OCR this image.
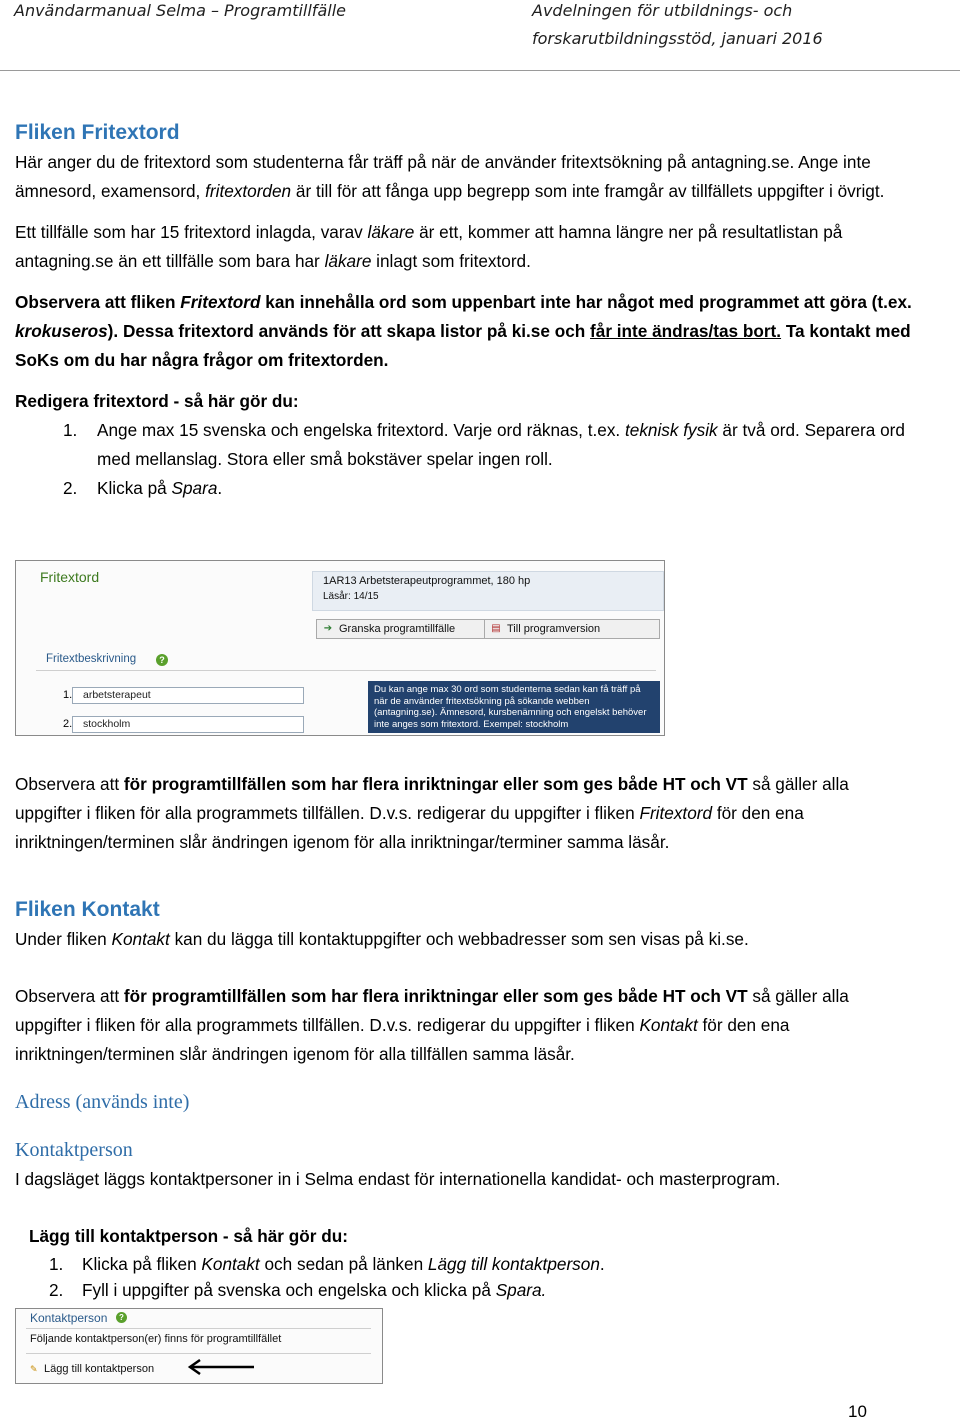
Användarmanual Selma – Programtillfälle	Avdelningen för utbildnings- och
forskarutbildningsstöd, januari 2016
Fliken Fritextord

Här anger du de fritextord som studenterna får träff på när de använder fritextsökning på antagning.se. Ange inte ämnesord, examensord, fritextorden är till för att fånga upp begrepp som inte framgår av tillfällets uppgifter i övrigt.

Ett tillfälle som har 15 fritextord inlagda, varav läkare är ett, kommer att hamna längre ner på resultatlistan på antagning.se än ett tillfälle som bara har läkare inlagt som fritextord.

Observera att fliken Fritextord kan innehålla ord som uppenbart inte har något med programmet att göra (t.ex. krokuseros). Dessa fritextord används för att skapa listor på ki.se och får inte ändras/tas bort. Ta kontakt med SoKs om du har några frågor om fritextorden.

Redigera fritextord - så här gör du:

1. Ange max 15 svenska och engelska fritextord. Varje ord räknas, t.ex. teknisk fysik är två ord. Separera ord med mellanslag. Stora eller små bokstäver spelar ingen roll.
2. Klicka på Spara.
Fritextord	1AR13 Arbetsterapeutprogrammet, 180 hp
Läsår: 14/15
➔ Granska programtillfälle	▤ Till programversion
Fritextbeskrivning	?
1.	arbetsterapeut
2.	stockholm
Du kan ange max 30 ord som studenterna sedan kan få träff på när de använder fritextsökning på sökande webben (antagning.se). Ämnesord, kursbenämning och engelskt behöver inte anges som fritextord. Exempel: stockholm

Observera att för programtillfällen som har flera inriktningar eller som ges både HT och VT så gäller alla uppgifter i fliken för alla programmets tillfällen. D.v.s. redigerar du uppgifter i fliken Fritextord för den ena inriktningen/terminen slår ändringen igenom för alla inriktningar/terminer samma läsår.

Fliken Kontakt

Under fliken Kontakt kan du lägga till kontaktuppgifter och webbadresser som sen visas på ki.se.

Observera att för programtillfällen som har flera inriktningar eller som ges både HT och VT så gäller alla uppgifter i fliken för alla programmets tillfällen. D.v.s. redigerar du uppgifter i fliken Kontakt för den ena inriktningen/terminen slår ändringen igenom för alla tillfällen samma läsår.

Adress (används inte)
Kontaktperson

I dagsläget läggs kontaktpersoner in i Selma endast för internationella kandidat- och masterprogram.

Lägg till kontaktperson - så här gör du:

1. Klicka på fliken Kontakt och sedan på länken Lägg till kontaktperson.
2. Fyll i uppgifter på svenska och engelska och klicka på Spara.
Kontaktperson	?
Följande kontaktperson(er) finns för programtillfället
✎ Lägg till kontaktperson
10
